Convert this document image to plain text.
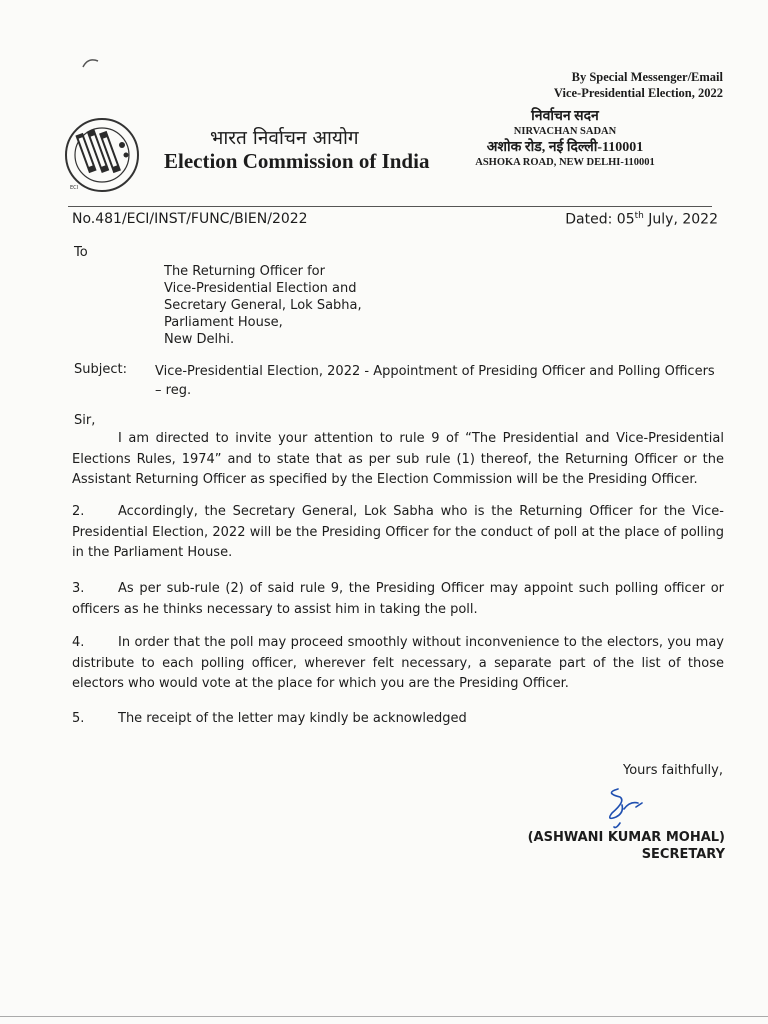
By Special Messenger/Email
Vice-Presidential Election, 2022
ECI
भारत निर्वाचन आयोग
Election Commission of India
निर्वाचन सदन
NIRVACHAN SADAN
अशोक रोड, नई दिल्ली-110001
ASHOKA ROAD, NEW DELHI-110001
No.481/ECI/INST/FUNC/BIEN/2022	Dated: 05th July, 2022
To
The Returning Officer for
Vice-Presidential Election and
Secretary General, Lok Sabha,
Parliament House,
New Delhi.
Subject: Vice-Presidential Election, 2022 - Appointment of Presiding Officer and Polling Officers – reg.
Sir,
I am directed to invite your attention to rule 9 of “The Presidential and Vice-Presidential Elections Rules, 1974” and to state that as per sub rule (1) thereof, the Returning Officer or the Assistant Returning Officer as specified by the Election Commission will be the Presiding Officer.
2.	Accordingly, the Secretary General, Lok Sabha who is the Returning Officer for the Vice-Presidential Election, 2022 will be the Presiding Officer for the conduct of poll at the place of polling in the Parliament House.
3.	As per sub-rule (2) of said rule 9, the Presiding Officer may appoint such polling officer or officers as he thinks necessary to assist him in taking the poll.
4.	In order that the poll may proceed smoothly without inconvenience to the electors, you may distribute to each polling officer, wherever felt necessary, a separate part of the list of those electors who would vote at the place for which you are the Presiding Officer.
5.	The receipt of the letter may kindly be acknowledged
Yours faithfully,
(ASHWANI KUMAR MOHAL)
SECRETARY
